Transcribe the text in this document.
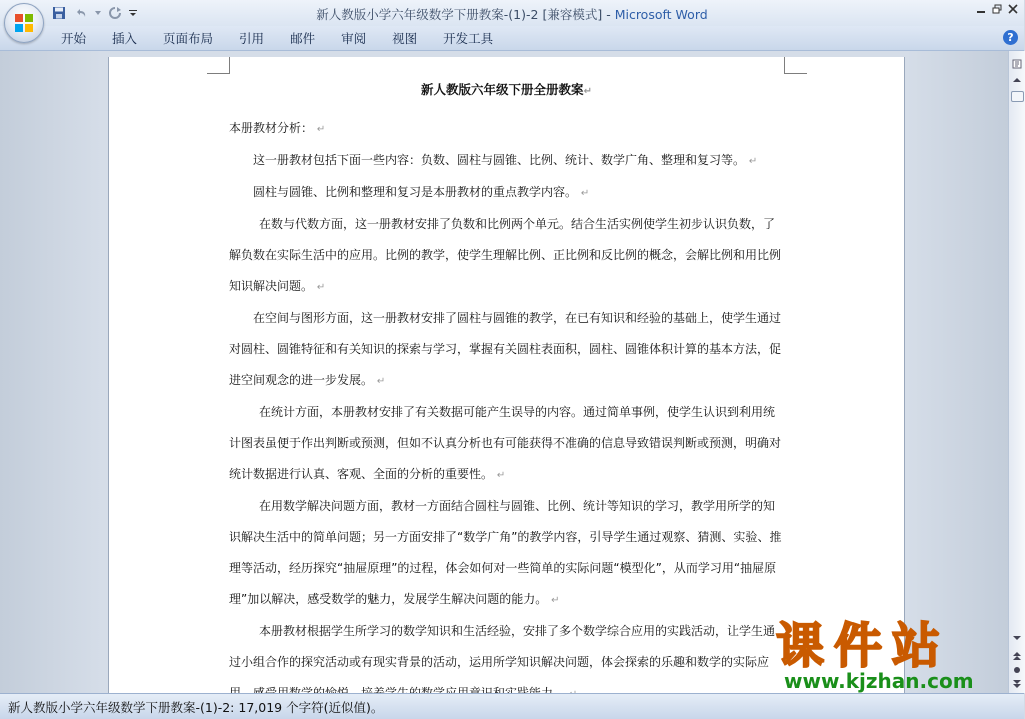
新人教版小学六年级数学下册教案-(1)-2 [兼容模式] - Microsoft Word
开始	插入	页面布局	引用	邮件	审阅	视图	开发工具	?
新人教版六年级下册全册教案↵

本册教材分析： ↵

这一册教材包括下面一些内容：负数、圆柱与圆锥、比例、统计、数学广角、整理和复习等。 ↵

圆柱与圆锥、比例和整理和复习是本册教材的重点教学内容。 ↵

在数与代数方面，这一册教材安排了负数和比例两个单元。结合生活实例使学生初步认识负数，了解负数在实际生活中的应用。比例的教学，使学生理解比例、正比例和反比例的概念，会解比例和用比例知识解决问题。 ↵

在空间与图形方面，这一册教材安排了圆柱与圆锥的教学，在已有知识和经验的基础上，使学生通过对圆柱、圆锥特征和有关知识的探索与学习，掌握有关圆柱表面积，圆柱、圆锥体积计算的基本方法，促进空间观念的进一步发展。 ↵

在统计方面，本册教材安排了有关数据可能产生误导的内容。通过简单事例，使学生认识到利用统计图表虽便于作出判断或预测，但如不认真分析也有可能获得不准确的信息导致错误判断或预测，明确对统计数据进行认真、客观、全面的分析的重要性。 ↵

在用数学解决问题方面，教材一方面结合圆柱与圆锥、比例、统计等知识的学习，教学用所学的知识解决生活中的简单问题；另一方面安排了“数学广角”的教学内容，引导学生通过观察、猜测、实验、推理等活动，经历探究“抽屉原理”的过程，体会如何对一些简单的实际问题“模型化”，从而学习用“抽屉原理”加以解决，感受数学的魅力，发展学生解决问题的能力。 ↵

本册教材根据学生所学习的数学知识和生活经验，安排了多个数学综合应用的实践活动，让学生通过小组合作的探究活动或有现实背景的活动，运用所学知识解决问题，体会探索的乐趣和数学的实际应

新人教版小学六年级数学下册教案-(1)-2: 17,019 个字符(近似值)。
课件站
www.kjzhan.com
